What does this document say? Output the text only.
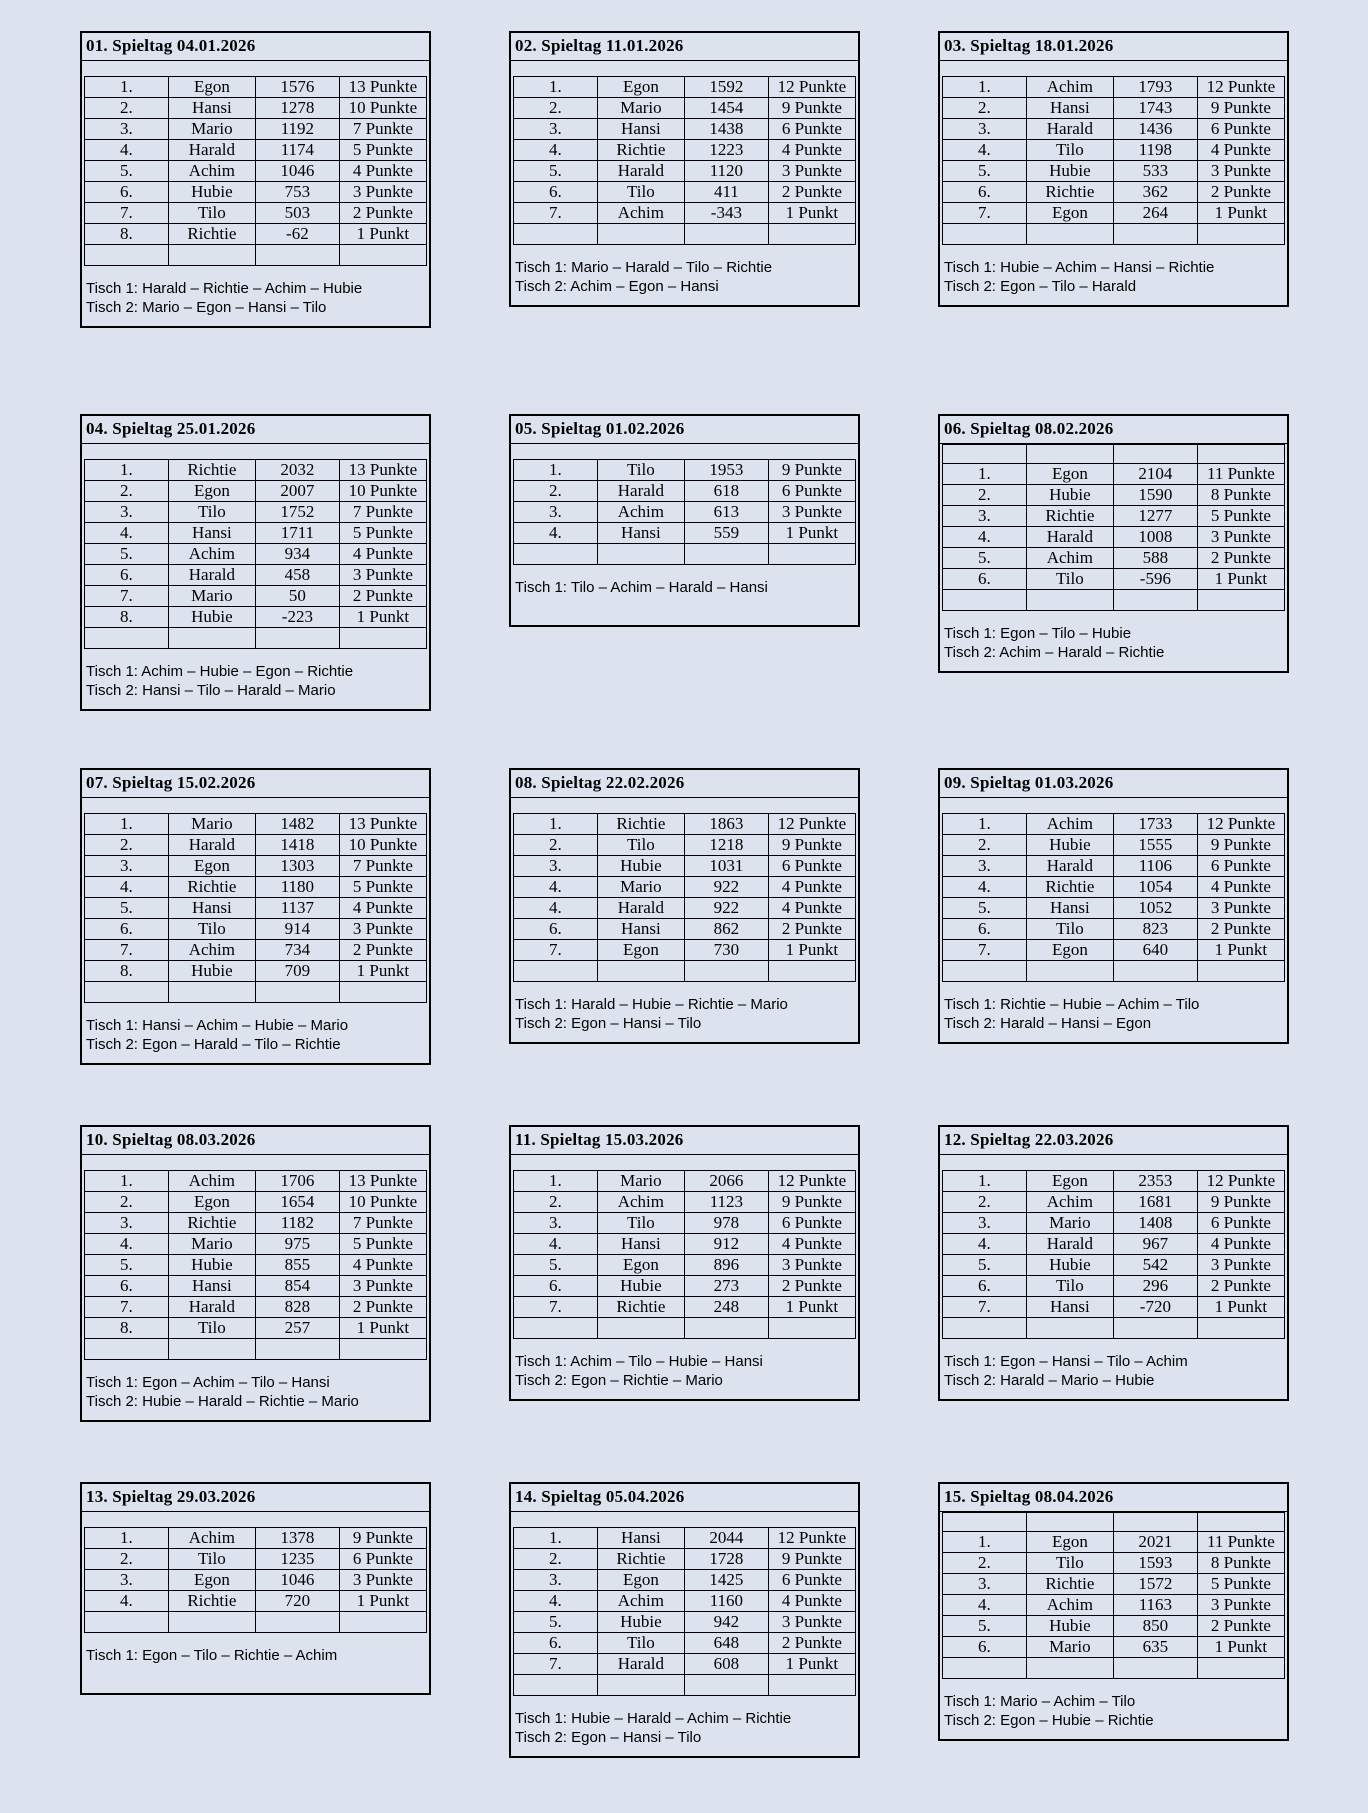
01. Spieltag 04.01.2026
1.	Egon	1576	13 Punkte
2.	Hansi	1278	10 Punkte
3.	Mario	1192	7 Punkte
4.	Harald	1174	5 Punkte
5.	Achim	1046	4 Punkte
6.	Hubie	753	3 Punkte
7.	Tilo	503	2 Punkte
8.	Richtie	-62	1 Punkt

Tisch 1: Harald – Richtie – Achim – Hubie
Tisch 2: Mario – Egon – Hansi – Tilo
02. Spieltag 11.01.2026
1.	Egon	1592	12 Punkte
2.	Mario	1454	9 Punkte
3.	Hansi	1438	6 Punkte
4.	Richtie	1223	4 Punkte
5.	Harald	1120	3 Punkte
6.	Tilo	411	2 Punkte
7.	Achim	-343	1 Punkt

Tisch 1: Mario – Harald – Tilo – Richtie
Tisch 2: Achim – Egon – Hansi
03. Spieltag 18.01.2026
1.	Achim	1793	12 Punkte
2.	Hansi	1743	9 Punkte
3.	Harald	1436	6 Punkte
4.	Tilo	1198	4 Punkte
5.	Hubie	533	3 Punkte
6.	Richtie	362	2 Punkte
7.	Egon	264	1 Punkt

Tisch 1: Hubie – Achim – Hansi – Richtie
Tisch 2: Egon – Tilo – Harald
04. Spieltag 25.01.2026
1.	Richtie	2032	13 Punkte
2.	Egon	2007	10 Punkte
3.	Tilo	1752	7 Punkte
4.	Hansi	1711	5 Punkte
5.	Achim	934	4 Punkte
6.	Harald	458	3 Punkte
7.	Mario	50	2 Punkte
8.	Hubie	-223	1 Punkt

Tisch 1: Achim – Hubie – Egon – Richtie
Tisch 2: Hansi – Tilo – Harald – Mario
05. Spieltag 01.02.2026
1.	Tilo	1953	9 Punkte
2.	Harald	618	6 Punkte
3.	Achim	613	3 Punkte
4.	Hansi	559	1 Punkt

Tisch 1: Tilo – Achim – Harald – Hansi
06. Spieltag 08.02.2026

1.	Egon	2104	11 Punkte
2.	Hubie	1590	8 Punkte
3.	Richtie	1277	5 Punkte
4.	Harald	1008	3 Punkte
5.	Achim	588	2 Punkte
6.	Tilo	-596	1 Punkt

Tisch 1: Egon – Tilo – Hubie
Tisch 2: Achim – Harald – Richtie
07. Spieltag 15.02.2026
1.	Mario	1482	13 Punkte
2.	Harald	1418	10 Punkte
3.	Egon	1303	7 Punkte
4.	Richtie	1180	5 Punkte
5.	Hansi	1137	4 Punkte
6.	Tilo	914	3 Punkte
7.	Achim	734	2 Punkte
8.	Hubie	709	1 Punkt

Tisch 1: Hansi – Achim – Hubie – Mario
Tisch 2: Egon – Harald – Tilo – Richtie
08. Spieltag 22.02.2026
1.	Richtie	1863	12 Punkte
2.	Tilo	1218	9 Punkte
3.	Hubie	1031	6 Punkte
4.	Mario	922	4 Punkte
4.	Harald	922	4 Punkte
6.	Hansi	862	2 Punkte
7.	Egon	730	1 Punkt

Tisch 1: Harald – Hubie – Richtie – Mario
Tisch 2: Egon – Hansi – Tilo
09. Spieltag 01.03.2026
1.	Achim	1733	12 Punkte
2.	Hubie	1555	9 Punkte
3.	Harald	1106	6 Punkte
4.	Richtie	1054	4 Punkte
5.	Hansi	1052	3 Punkte
6.	Tilo	823	2 Punkte
7.	Egon	640	1 Punkt

Tisch 1: Richtie – Hubie – Achim – Tilo
Tisch 2: Harald – Hansi – Egon
10. Spieltag 08.03.2026
1.	Achim	1706	13 Punkte
2.	Egon	1654	10 Punkte
3.	Richtie	1182	7 Punkte
4.	Mario	975	5 Punkte
5.	Hubie	855	4 Punkte
6.	Hansi	854	3 Punkte
7.	Harald	828	2 Punkte
8.	Tilo	257	1 Punkt

Tisch 1: Egon – Achim – Tilo – Hansi
Tisch 2: Hubie – Harald – Richtie – Mario
11. Spieltag 15.03.2026
1.	Mario	2066	12 Punkte
2.	Achim	1123	9 Punkte
3.	Tilo	978	6 Punkte
4.	Hansi	912	4 Punkte
5.	Egon	896	3 Punkte
6.	Hubie	273	2 Punkte
7.	Richtie	248	1 Punkt

Tisch 1: Achim – Tilo – Hubie – Hansi
Tisch 2: Egon – Richtie – Mario
12. Spieltag 22.03.2026
1.	Egon	2353	12 Punkte
2.	Achim	1681	9 Punkte
3.	Mario	1408	6 Punkte
4.	Harald	967	4 Punkte
5.	Hubie	542	3 Punkte
6.	Tilo	296	2 Punkte
7.	Hansi	-720	1 Punkt

Tisch 1: Egon – Hansi – Tilo – Achim
Tisch 2: Harald – Mario – Hubie
13. Spieltag 29.03.2026
1.	Achim	1378	9 Punkte
2.	Tilo	1235	6 Punkte
3.	Egon	1046	3 Punkte
4.	Richtie	720	1 Punkt

Tisch 1: Egon – Tilo – Richtie – Achim
14. Spieltag 05.04.2026
1.	Hansi	2044	12 Punkte
2.	Richtie	1728	9 Punkte
3.	Egon	1425	6 Punkte
4.	Achim	1160	4 Punkte
5.	Hubie	942	3 Punkte
6.	Tilo	648	2 Punkte
7.	Harald	608	1 Punkt

Tisch 1: Hubie – Harald – Achim – Richtie
Tisch 2: Egon – Hansi – Tilo
15. Spieltag 08.04.2026

1.	Egon	2021	11 Punkte
2.	Tilo	1593	8 Punkte
3.	Richtie	1572	5 Punkte
4.	Achim	1163	3 Punkte
5.	Hubie	850	2 Punkte
6.	Mario	635	1 Punkt

Tisch 1: Mario – Achim – Tilo
Tisch 2: Egon – Hubie – Richtie
